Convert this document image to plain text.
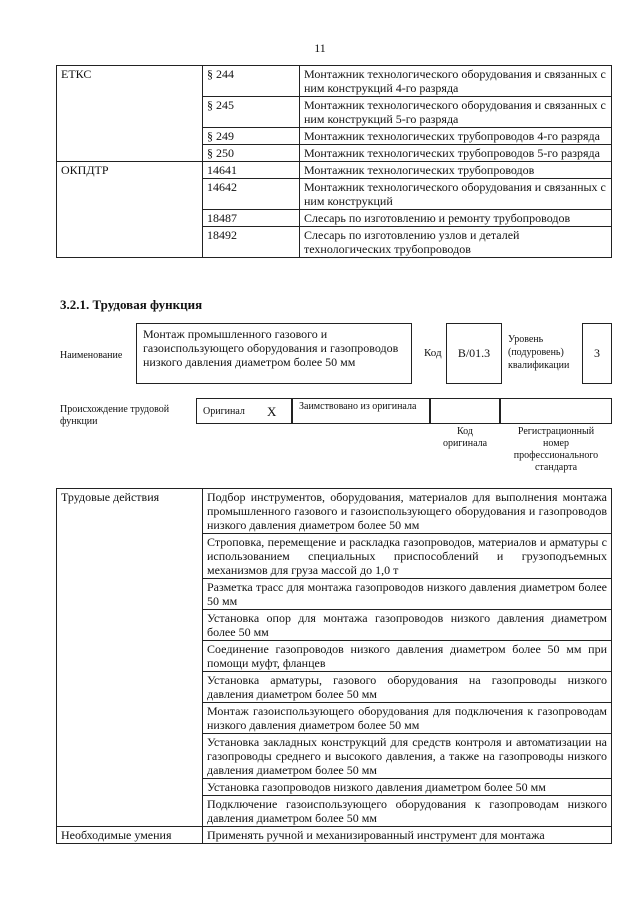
11
ЕТКС	§ 244	Монтажник технологического оборудования и связанных с ним конструкций 4-го разряда
	§ 245	Монтажник технологического оборудования и связанных с ним конструкций 5-го разряда
	§ 249	Монтажник технологических трубопроводов 4-го разряда
	§ 250	Монтажник технологических трубопроводов 5-го разряда
ОКПДТР	14641	Монтажник технологических трубопроводов
	14642	Монтажник технологического оборудования и связанных с ним конструкций
	18487	Слесарь по изготовлению и ремонту трубопроводов
	18492	Слесарь по изготовлению узлов и деталей технологических трубопроводов
3.2.1. Трудовая функция
Наименование
Монтаж промышленного газового и газоиспользующего оборудования и газопроводов низкого давления диаметром более 50 мм
Код	B/01.3
Уровень (подуровень) квалификации
3
Происхождение трудовой функции
Оригинал X Заимствовано из оригинала
Код оригинала
Регистрационный номер профессионального стандарта
Трудовые действия	Подбор инструментов, оборудования, материалов для выполнения монтажа промышленного газового и газоиспользующего оборудования и газопроводов низкого давления диаметром более 50 мм
	Строповка, перемещение и раскладка газопроводов, материалов и арматуры с использованием специальных приспособлений и грузоподъемных механизмов для груза массой до 1,0 т
	Разметка трасс для монтажа газопроводов низкого давления диаметром более 50 мм
	Установка опор для монтажа газопроводов низкого давления диаметром более 50 мм
	Соединение газопроводов низкого давления диаметром более 50 мм при помощи муфт, фланцев
	Установка арматуры, газового оборудования на газопроводы низкого давления диаметром более 50 мм
	Монтаж газоиспользующего оборудования для подключения к газопроводам низкого давления диаметром более 50 мм
	Установка закладных конструкций для средств контроля и автоматизации на газопроводы среднего и высокого давления, а также на газопроводы низкого давления диаметром более 50 мм
	Установка газопроводов низкого давления диаметром более 50 мм
	Подключение газоиспользующего оборудования к газопроводам низкого давления диаметром более 50 мм
Необходимые умения	Применять ручной и механизированный инструмент для монтажа
